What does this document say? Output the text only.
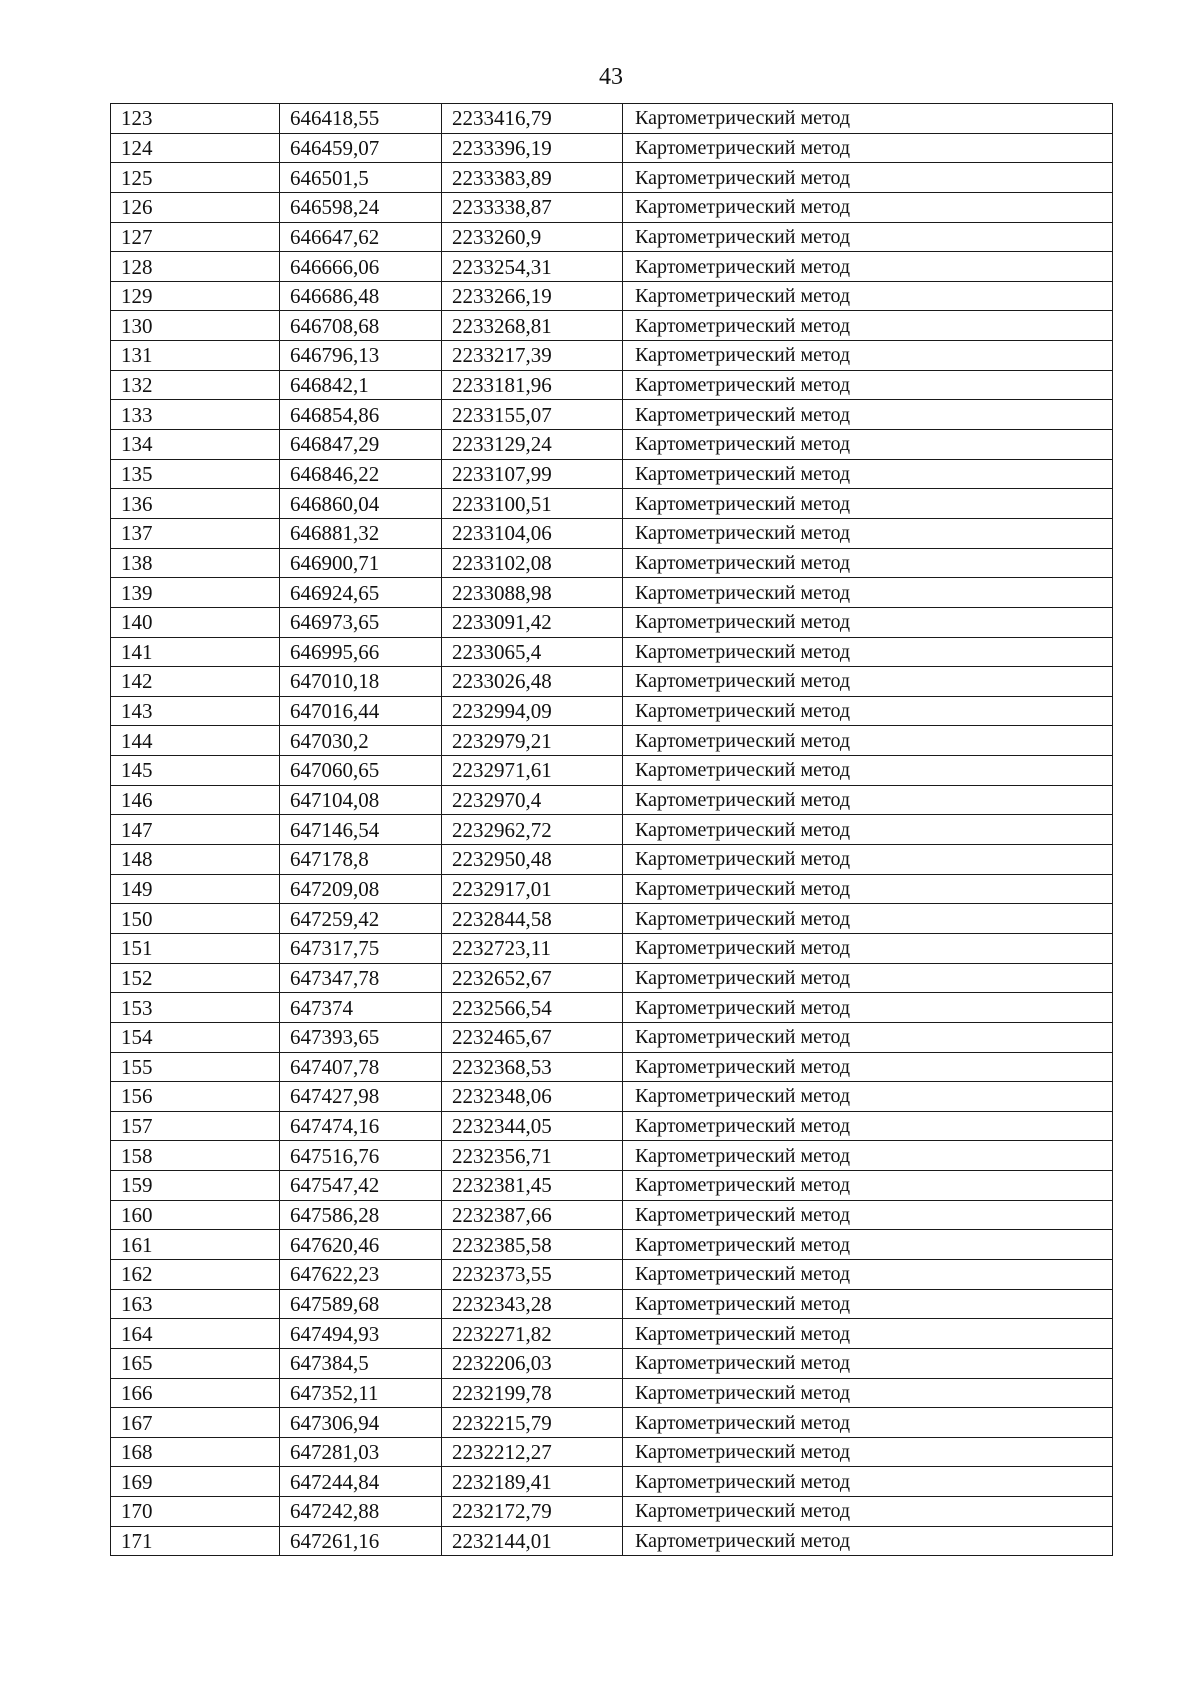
43
123	646418,55	2233416,79	Картометрический метод
124	646459,07	2233396,19	Картометрический метод
125	646501,5	2233383,89	Картометрический метод
126	646598,24	2233338,87	Картометрический метод
127	646647,62	2233260,9	Картометрический метод
128	646666,06	2233254,31	Картометрический метод
129	646686,48	2233266,19	Картометрический метод
130	646708,68	2233268,81	Картометрический метод
131	646796,13	2233217,39	Картометрический метод
132	646842,1	2233181,96	Картометрический метод
133	646854,86	2233155,07	Картометрический метод
134	646847,29	2233129,24	Картометрический метод
135	646846,22	2233107,99	Картометрический метод
136	646860,04	2233100,51	Картометрический метод
137	646881,32	2233104,06	Картометрический метод
138	646900,71	2233102,08	Картометрический метод
139	646924,65	2233088,98	Картометрический метод
140	646973,65	2233091,42	Картометрический метод
141	646995,66	2233065,4	Картометрический метод
142	647010,18	2233026,48	Картометрический метод
143	647016,44	2232994,09	Картометрический метод
144	647030,2	2232979,21	Картометрический метод
145	647060,65	2232971,61	Картометрический метод
146	647104,08	2232970,4	Картометрический метод
147	647146,54	2232962,72	Картометрический метод
148	647178,8	2232950,48	Картометрический метод
149	647209,08	2232917,01	Картометрический метод
150	647259,42	2232844,58	Картометрический метод
151	647317,75	2232723,11	Картометрический метод
152	647347,78	2232652,67	Картометрический метод
153	647374	2232566,54	Картометрический метод
154	647393,65	2232465,67	Картометрический метод
155	647407,78	2232368,53	Картометрический метод
156	647427,98	2232348,06	Картометрический метод
157	647474,16	2232344,05	Картометрический метод
158	647516,76	2232356,71	Картометрический метод
159	647547,42	2232381,45	Картометрический метод
160	647586,28	2232387,66	Картометрический метод
161	647620,46	2232385,58	Картометрический метод
162	647622,23	2232373,55	Картометрический метод
163	647589,68	2232343,28	Картометрический метод
164	647494,93	2232271,82	Картометрический метод
165	647384,5	2232206,03	Картометрический метод
166	647352,11	2232199,78	Картометрический метод
167	647306,94	2232215,79	Картометрический метод
168	647281,03	2232212,27	Картометрический метод
169	647244,84	2232189,41	Картометрический метод
170	647242,88	2232172,79	Картометрический метод
171	647261,16	2232144,01	Картометрический метод
